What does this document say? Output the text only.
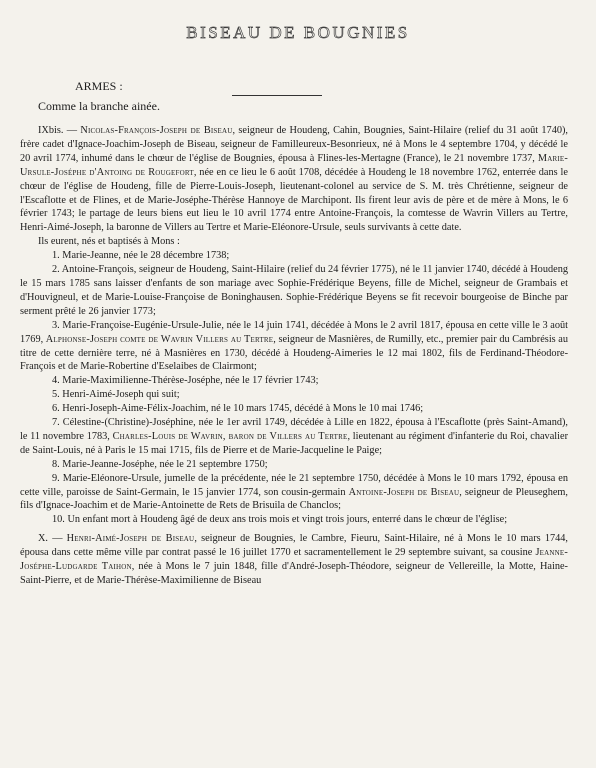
BISEAU DE BOUGNIES
ARMES :
Comme la branche ainée.

IXbis. — Nicolas-François-Joseph de Biseau, seigneur de Houdeng, Cahin, Bougnies, Saint-Hilaire (relief du 31 août 1740), frère cadet d'Ignace-Joachim-Joseph de Biseau, seigneur de Familleureux-Besonrieux, né à Mons le 4 septembre 1704, y décédé le 20 avril 1774, inhumé dans le chœur de l'église de Bougnies, épousa à Flines-les-Mertagne (France), le 21 novembre 1737, Marie-Ursule-Joséphe d'Antoing de Rougefort, née en ce lieu le 6 août 1708, décédée à Houdeng le 18 novembre 1762, enterrée dans le chœur de l'église de Houdeng, fille de Pierre-Louis-Joseph, lieutenant-colonel au service de S. M. très Chrétienne, seigneur de l'Escaflotte et de Flines, et de Marie-Joséphe-Thérèse Hannoye de Marchipont. Ils firent leur avis de père et de mère à Mons, le 6 février 1743; le partage de leurs biens eut lieu le 10 avril 1774 entre Antoine-François, la comtesse de Wavrin Villers au Tertre, Henri-Aimé-Joseph, la baronne de Villers au Tertre et Marie-Eléonore-Ursule, seuls survivants à cette date.

Ils eurent, nés et baptisés à Mons :

1. Marie-Jeanne, née le 28 décembre 1738;
2. Antoine-François, seigneur de Houdeng, Saint-Hilaire (relief du 24 février 1775), né le 11 janvier 1740, décédé à Houdeng le 15 mars 1785 sans laisser d'enfants de son mariage avec Sophie-Frédérique Beyens, fille de Michel, seigneur de Grambais et d'Houvigneul, et de Marie-Louise-Françoise de Boninghausen. Sophie-Frédérique Beyens se fit recevoir bourgeoise de Binche par serment prêté le 26 janvier 1773;
3. Marie-Françoise-Eugénie-Ursule-Julie, née le 14 juin 1741, décédée à Mons le 2 avril 1817, épousa en cette ville le 3 août 1769, Alphonse-Joseph comte de Wavrin Villers au Tertre, seigneur de Masnières, de Rumilly, etc., premier pair du Cambrésis au titre de cette dernière terre, né à Masnières en 1730, décédé à Houdeng-Aimeries le 12 mai 1802, fils de Ferdinand-Théodore-François et de Marie-Robertine d'Eselaibes de Clairmont;
4. Marie-Maximilienne-Thérèse-Joséphe, née le 17 février 1743;
5. Henri-Aimé-Joseph qui suit;
6. Henri-Joseph-Aime-Félix-Joachim, né le 10 mars 1745, décédé à Mons le 10 mai 1746;
7. Célestine-(Christine)-Joséphine, née le 1er avril 1749, décédée à Lille en 1822, épousa à l'Escaflotte (près Saint-Amand), le 11 novembre 1783, Charles-Louis de Wavrin, baron de Villers au Tertre, lieutenant au régiment d'infanterie du Roi, chavalier de Saint-Louis, né à Paris le 15 mai 1715, fils de Pierre et de Marie-Jacqueline le Paige;
8. Marie-Jeanne-Joséphe, née le 21 septembre 1750;
9. Marie-Eléonore-Ursule, jumelle de la précédente, née le 21 septembre 1750, décédée à Mons le 10 mars 1792, épousa en cette ville, paroisse de Saint-Germain, le 15 janvier 1774, son cousin-germain Antoine-Joseph de Biseau, seigneur de Pleuseghem, fils d'Ignace-Joachim et de Marie-Antoinette de Rets de Brisuila de Chanclos;
10. Un enfant mort à Houdeng âgé de deux ans trois mois et vingt trois jours, enterré dans le chœur de l'église;

X. — Henri-Aimé-Joseph de Biseau, seigneur de Bougnies, le Cambre, Fieuru, Saint-Hilaire, né à Mons le 10 mars 1744, épousa dans cette même ville par contrat passé le 16 juillet 1770 et sacramentellement le 29 septembre suivant, sa cousine Jeanne-Joséphe-Ludgarde Taihon, née à Mons le 7 juin 1848, fille d'André-Joseph-Théodore, seigneur de Vellereille, la Motte, Haine-Saint-Pierre, et de Marie-Thérèse-Maximilienne de Biseau
